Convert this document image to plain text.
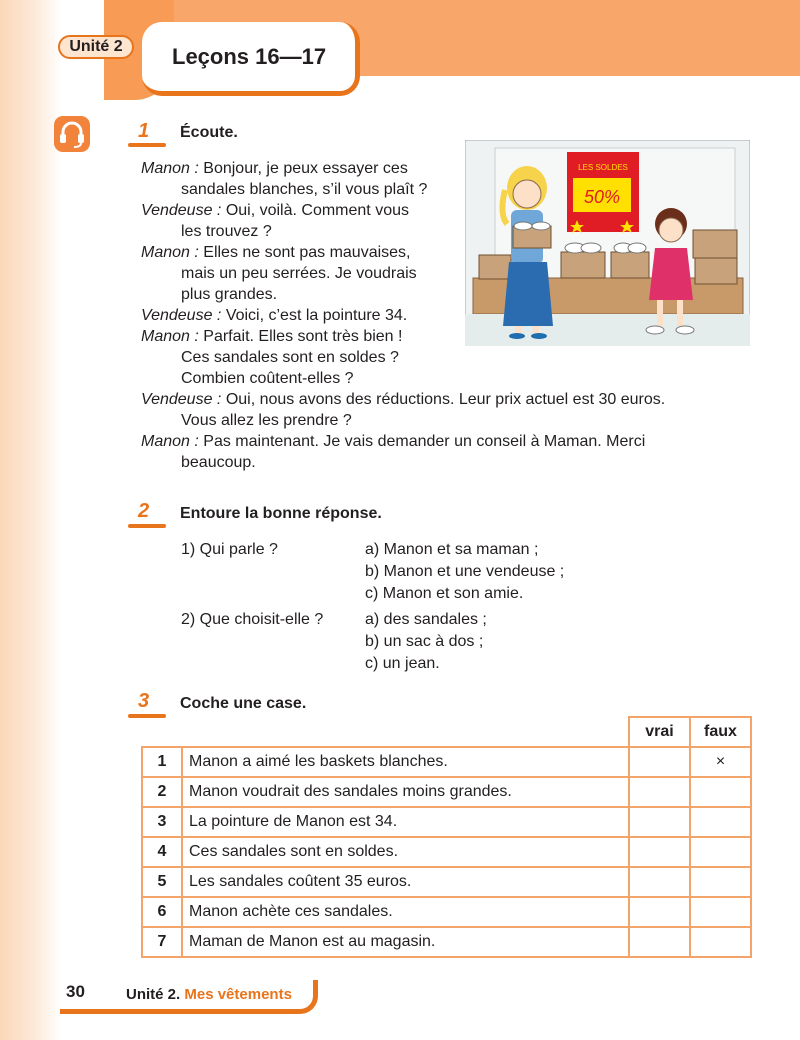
Unité 2	Leçons 16—17
1 Écoute.
Manon : Bonjour, je peux essayer ces
sandales blanches, s’il vous plaît ?
Vendeuse : Oui, voilà. Comment vous
les trouvez ?
Manon : Elles ne sont pas mauvaises,
mais un peu serrées. Je voudrais
plus grandes.
Vendeuse : Voici, c’est la pointure 34.
Manon : Parfait. Elles sont très bien !
Ces sandales sont en soldes ?
Combien coûtent-elles ?
Vendeuse : Oui, nous avons des réductions. Leur prix actuel est 30 euros.
Vous allez les prendre ?
Manon : Pas maintenant. Je vais demander un conseil à Maman. Merci
beaucoup.
LES SOLDES
50%
2 Entoure la bonne réponse.
1) Qui parle ?	a) Manon et sa maman ;
b) Manon et une vendeuse ;
c) Manon et son amie.
2) Que choisit-elle ?	a) des sandales ;
b) un sac à dos ;
c) un jean.
3 Coche une case.
		vrai	faux
1	Manon a aimé les baskets blanches.		×
2	Manon voudrait des sandales moins grandes.		
3	La pointure de Manon est 34.		
4	Ces sandales sont en soldes.		
5	Les sandales coûtent 35 euros.		
6	Manon achète ces sandales.		
7	Maman de Manon est au magasin.		
30	Unité 2. Mes vêtements
